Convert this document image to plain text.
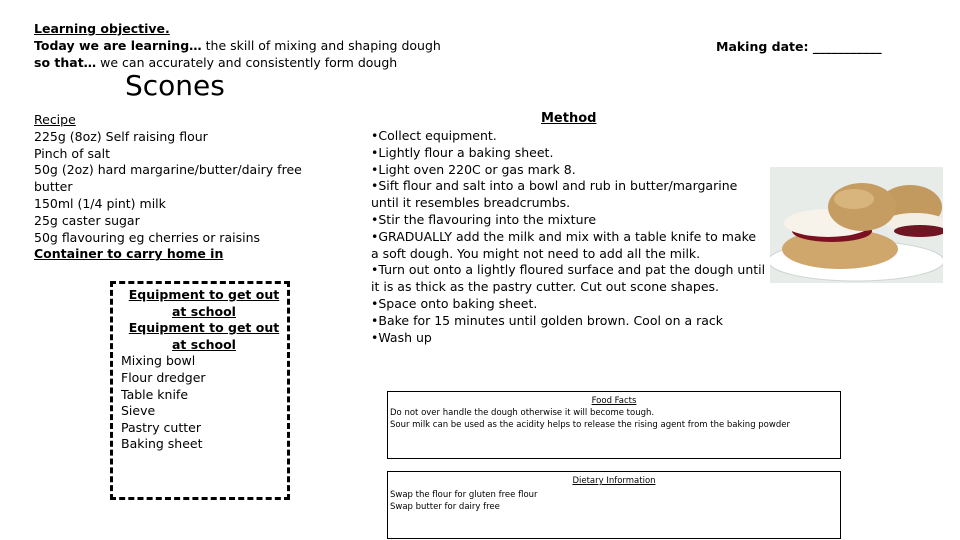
Learning objective.
Today we are learning… the skill of mixing and shaping dough
so that… we can accurately and consistently form dough
Making date: ___________
Scones
Recipe
225g (8oz) Self raising flour
Pinch of salt
50g (2oz) hard margarine/butter/dairy free butter
150ml (1/4 pint) milk
25g caster sugar
50g flavouring eg cherries or raisins
Container to carry home in
Equipment to get out at school
Equipment to get out at school
Mixing bowl
Flour dredger
Table knife
Sieve
Pastry cutter
Baking sheet
Method

•Collect equipment.

•Lightly flour a baking sheet.

•Light oven 220C or gas mark 8.

•Sift flour and salt into a bowl and rub in butter/margarine until it resembles breadcrumbs.

•Stir the flavouring into the mixture

•GRADUALLY add the milk and mix with a table knife to make a soft dough. You might not need to add all the milk.

•Turn out onto a lightly floured surface and pat the dough until it is as thick as the pastry cutter. Cut out scone shapes.

•Space onto baking sheet.

•Bake for 15 minutes until golden brown. Cool on a rack

•Wash up

Food Facts
Do not over handle the dough otherwise it will become tough.
Sour milk can be used as the acidity helps to release the rising agent from the baking powder
Dietary Information
Swap the flour for gluten free flour
Swap butter for dairy free
